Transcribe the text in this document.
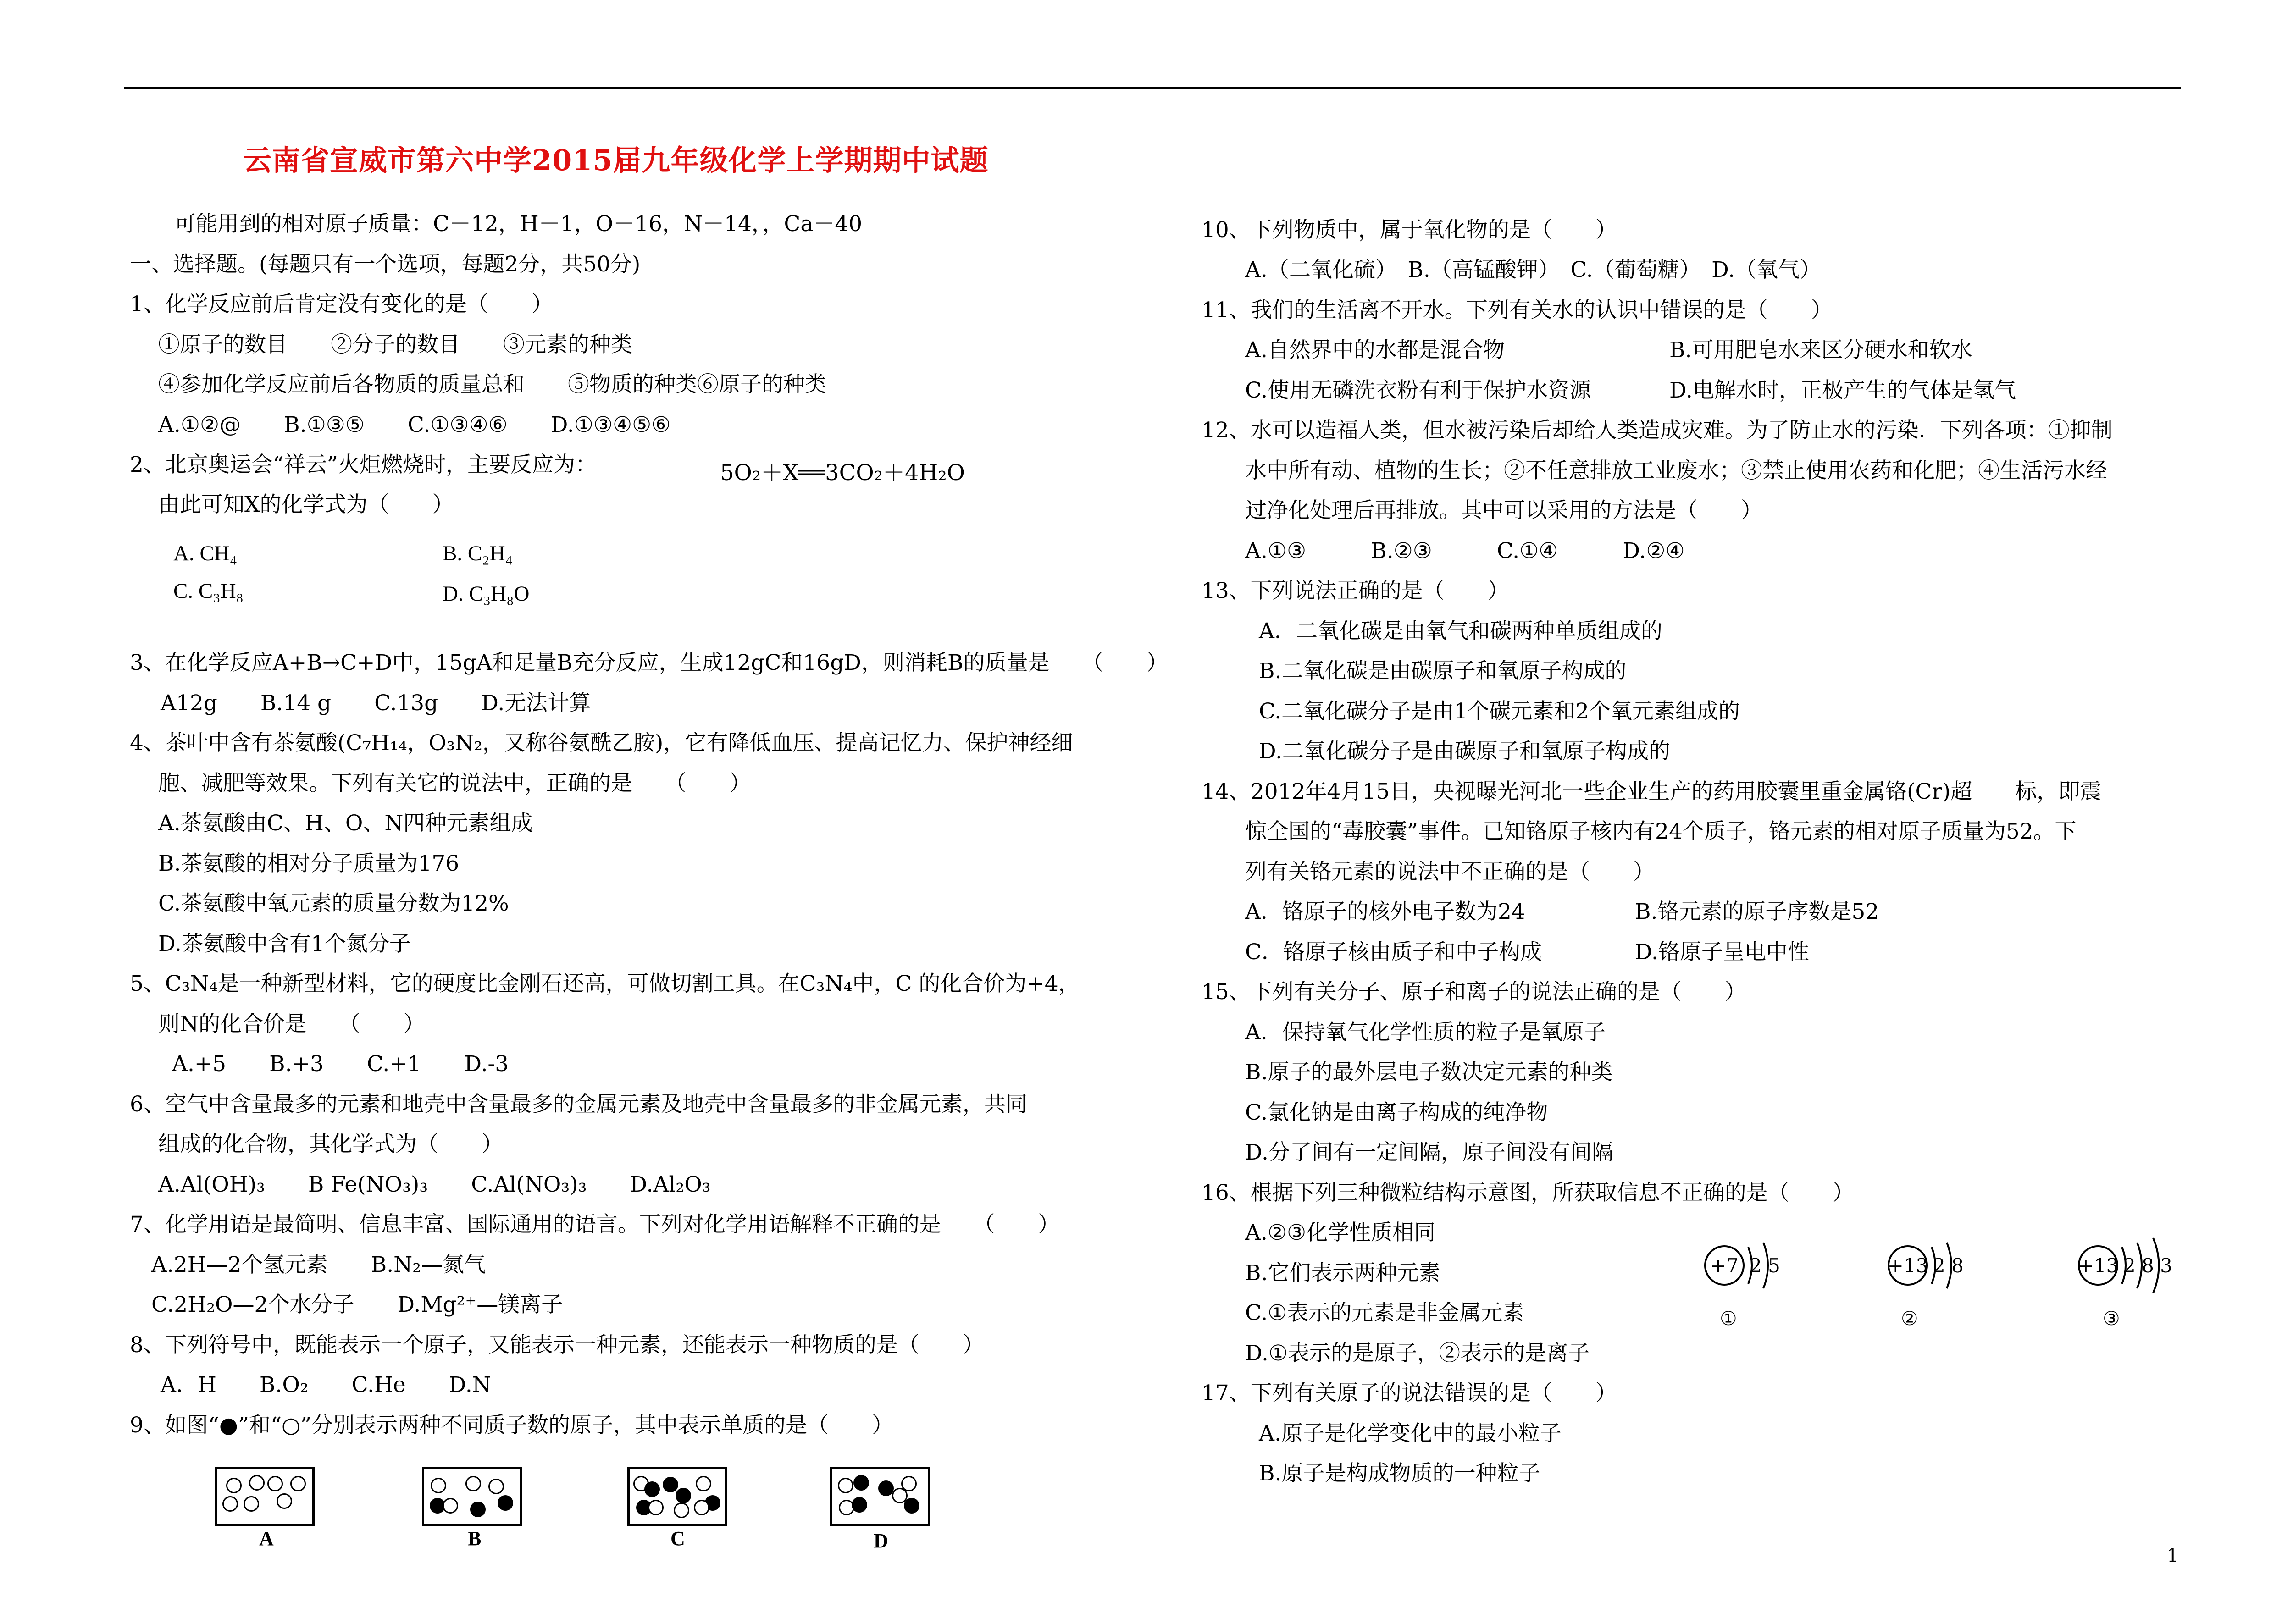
云南省宣威市第六中学2015届九年级化学上学期期中试题
可能用到的相对原子质量：C－12，H－1，O－16，N－14，，Ca－40
一、选择题。(每题只有一个选项，每题2分，共50分)
1、化学反应前后肯定没有变化的是（　　）
①原子的数目　　②分子的数目　　③元素的种类
④参加化学反应前后各物质的质量总和　　⑤物质的种类⑥原子的种类
A.①②@　　B.①③⑤　　C.①③④⑥　　D.①③④⑤⑥
2、北京奥运会“祥云”火炬燃烧时，主要反应为：	5O₂＋X══3CO₂＋4H₂O
由此可知X的化学式为（　　）
A. CH₄	B. C₂H₄
C. C₃H₈	D. C₃H₈O
3、在化学反应A+B→C+D中，15gA和足量B充分反应，生成12gC和16gD，则消耗B的质量是　　（　　）
A12g　　B.14 g　　C.13g　　D.无法计算
4、茶叶中含有茶氨酸(C₇H₁₄，O₃N₂，又称谷氨酰乙胺)，它有降低血压、提高记忆力、保护神经细
胞、减肥等效果。下列有关它的说法中，正确的是　　（　　）
A.茶氨酸由C、H、O、N四种元素组成
B.茶氨酸的相对分子质量为176
C.茶氨酸中氧元素的质量分数为12%
D.茶氨酸中含有1个氮分子
5、C₃N₄是一种新型材料，它的硬度比金刚石还高，可做切割工具。在C₃N₄中，C 的化合价为+4，
则N的化合价是　　（　　）
A.+5　　B.+3　　C.+1　　D.-3
6、空气中含量最多的元素和地壳中含量最多的金属元素及地壳中含量最多的非金属元素，共同
组成的化合物，其化学式为（　　）
A.Al(OH)₃　　B Fe(NO₃)₃　　C.Al(NO₃)₃　　D.Al₂O₃
7、化学用语是最简明、信息丰富、国际通用的语言。下列对化学用语解释不正确的是　　（　　）
A.2H—2个氢元素　　B.N₂—氮气
C.2H₂O—2个水分子　　D.Mg²⁺—镁离子
8、下列符号中，既能表示一个原子，又能表示一种元素，还能表示一种物质的是（　　）
A．H　　B.O₂　　C.He　　D.N
9、如图“●”和“○”分别表示两种不同质子数的原子，其中表示单质的是（　　）
A	B	C	D
10、下列物质中，属于氧化物的是（　　）
A.（二氧化硫）　B.（高锰酸钾）　C.（葡萄糖）　D.（氧气）
11、我们的生活离不开水。下列有关水的认识中错误的是（　　）
A.自然界中的水都是混合物	B.可用肥皂水来区分硬水和软水
C.使用无磷洗衣粉有利于保护水资源	D.电解水时，正极产生的气体是氢气
12、水可以造福人类，但水被污染后却给人类造成灾难。为了防止水的污染．下列各项：①抑制
水中所有动、植物的生长；②不任意排放工业废水；③禁止使用农药和化肥；④生活污水经
过净化处理后再排放。其中可以采用的方法是（　　）
A.①③　　　B.②③　　　C.①④　　　D.②④
13、下列说法正确的是（　　）
A．二氧化碳是由氧气和碳两种单质组成的
B.二氧化碳是由碳原子和氧原子构成的
C.二氧化碳分子是由1个碳元素和2个氧元素组成的
D.二氧化碳分子是由碳原子和氧原子构成的
14、2012年4月15日，央视曝光河北一些企业生产的药用胶囊里重金属铬(Cr)超　　标，即震
惊全国的“毒胶囊”事件。已知铬原子核内有24个质子，铬元素的相对原子质量为52。下
列有关铬元素的说法中不正确的是（　　）
A．铬原子的核外电子数为24	B.铬元素的原子序数是52
C．铬原子核由质子和中子构成	D.铬原子呈电中性
15、下列有关分子、原子和离子的说法正确的是（　　）
A．保持氧气化学性质的粒子是氧原子
B.原子的最外层电子数决定元素的种类
C.氯化钠是由离子构成的纯净物
D.分了间有一定间隔，原子间没有间隔
16、根据下列三种微粒结构示意图，所获取信息不正确的是（　　）
A.②③化学性质相同
B.它们表示两种元素
C.①表示的元素是非金属元素
D.①表示的是原子，②表示的是离子
+7 2 5
①
+13 2 8
②
+13 2 8 3
③
17、下列有关原子的说法错误的是（　　）
A.原子是化学变化中的最小粒子
B.原子是构成物质的一种粒子
1
